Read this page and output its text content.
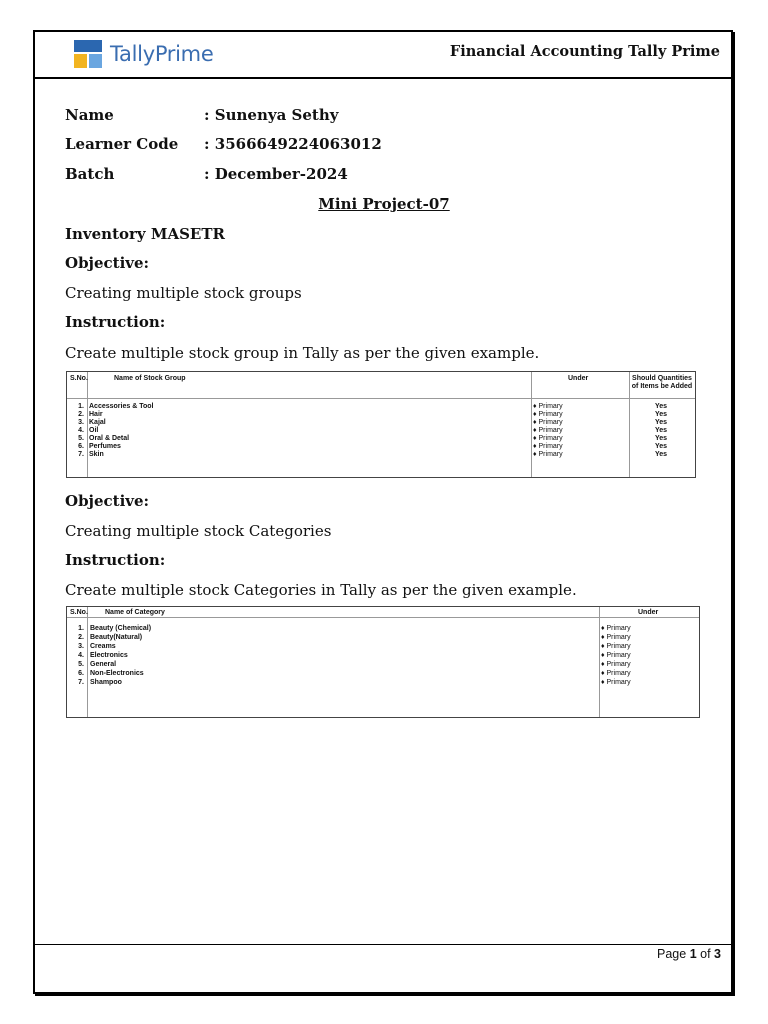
TallyPrime	Financial Accounting Tally Prime
Name	: Sunenya Sethy
Learner Code : 3566649224063012
Batch	: December-2024
Mini Project-07
Inventory MASETR
Objective:
Creating multiple stock groups
Instruction:
Create multiple stock group in Tally as per the given example.
S.No.	Name of Stock Group	Under	Should Quantities of Items be Added
1. Accessories & Tool	♦ Primary	Yes
2. Hair	♦ Primary	Yes
3. Kajal	♦ Primary	Yes
4. Oil	♦ Primary	Yes
5. Oral & Detal	♦ Primary	Yes
6. Perfumes	♦ Primary	Yes
7. Skin	♦ Primary	Yes
Objective:
Creating multiple stock Categories
Instruction:
Create multiple stock Categories in Tally as per the given example.
S.No. Name of Category	Under
1. Beauty (Chemical)	♦ Primary
2. Beauty(Natural)	♦ Primary
3. Creams	♦ Primary
4. Electronics	♦ Primary
5. General	♦ Primary
6. Non-Electronics	♦ Primary
7. Shampoo	♦ Primary
Page 1 of 3
